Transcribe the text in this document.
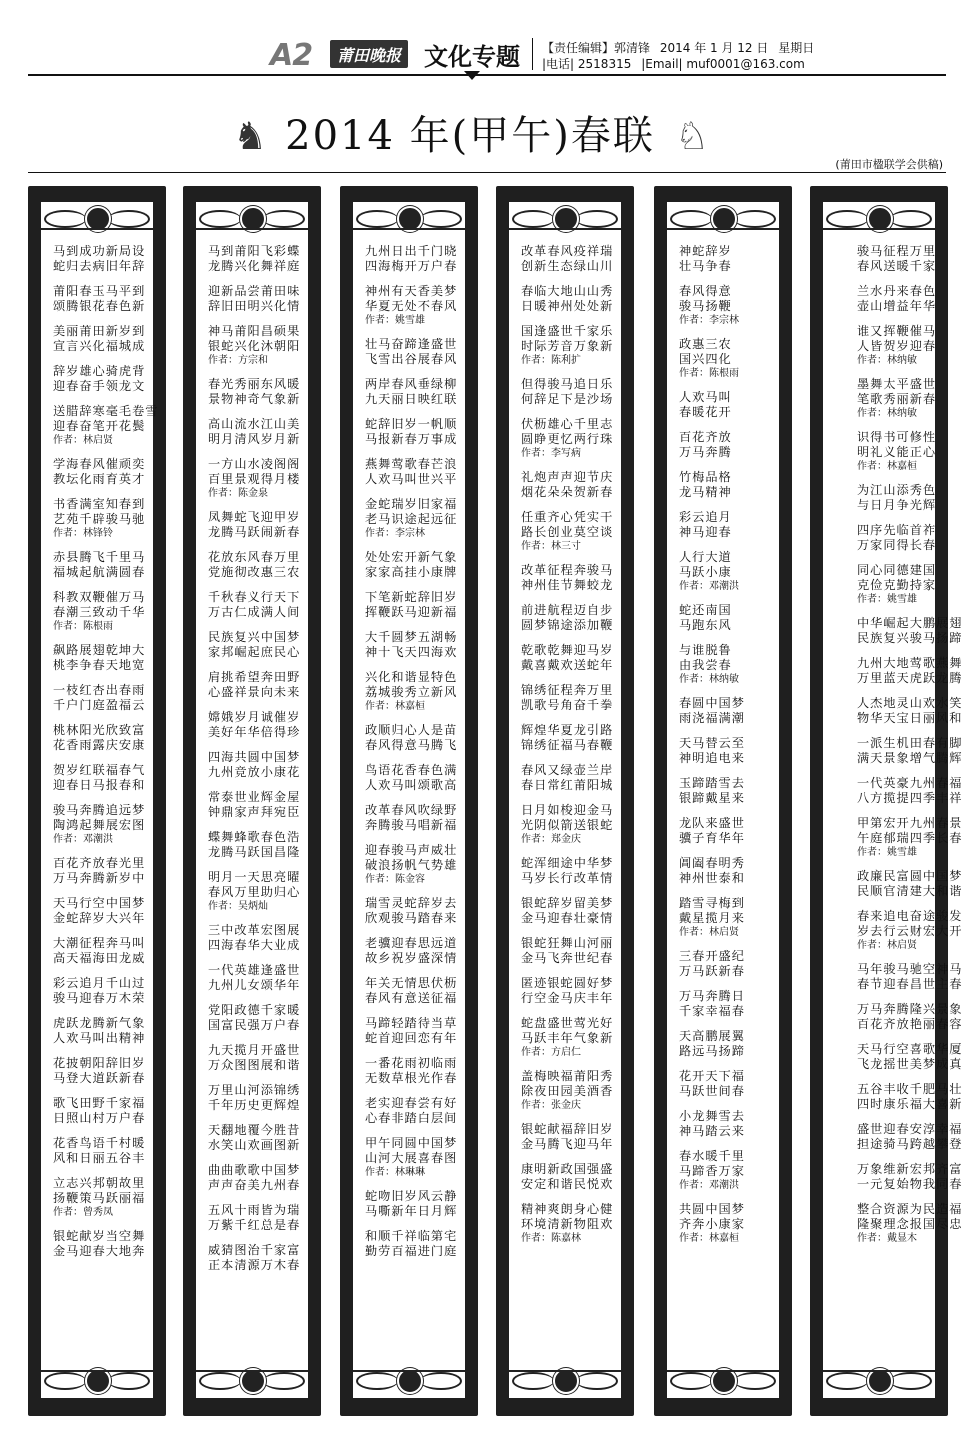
A2	莆田晚报 文化专题	【责任编辑】郭清锋 2014 年 1 月 12 日 星期日
|电话| 2518315 |Email| muf0001@163.com
♞ 2014 年(甲午)春联 ♘
(莆田市楹联学会供稿)
马到成功新局设
蛇归去病旧年辞
莆阳春玉马平到
颂腾银花春色新
美丽莆田新岁到
宣言兴化福城成
辞岁雄心骑虎背
迎春奋手领龙文
送腊辞寒毫毛卷雪
迎春奋笔开花鬓
作者：林启贤
学海春风催顽奕
教坛化雨育英才
书香满室知春到
艺苑千辟骏马驰
作者：林锋铃
赤县腾飞千里马
福城起航满圆春
科教双鞭催万马
春潮三致动千华
作者：陈根雨
飙路展翅乾坤大
桃李争春天地宽
一枝红杏出春雨
千户门庭盈福云
桃林阳光欣致富
花香雨露庆安康
贺岁红联福春气
迎春日马报春和
骏马奔腾追远梦
陶鸿起舞展宏图
作者：邓潮洪
百花齐放春光里
万马奔腾新岁中
天马行空中国梦
金蛇辞岁大兴年
大潮征程奔马叫
高天福海田龙威
彩云追月千山过
骏马迎春万木荣
虎跃龙腾新气象
人欢马叫出精神
花披朝阳辞旧岁
马登大道跃新春
歌飞田野千家福
日照山村万户春
花香鸟语千村暖
风和日丽五谷丰
立志兴邦朝故里
扬鞭策马跃丽福
作者：曾秀凤
银蛇献岁当空舞
金马迎春大地奔
马到莆阳飞彩蝶
龙腾兴化舞祥庭
迎新品尝莆田味
辞旧田明兴化情
神马莆阳昌硕果
银蛇兴化沐朝阳
作者：方宗和
春光秀丽东风暖
景物神奇气象新
高山流水江山美
明月清风岁月新
一方山水凌阁阁
百里景观得月楼
作者：陈金泉
凤舞蛇飞迎甲岁
龙腾马跃闹新春
花放东风春万里
党施彻改惠三农
千秋春义行天下
万古仁成满人间
民族复兴中国梦
家邦崛起庶民心
肩挑希望奔田野
心盛祥景向未来
嫦娥岁月诚催岁
美好年华倍得珍
四海共圆中国梦
九州竞放小康花
常泰世业辉金屋
钟鼎家声拜宛臣
蝶舞蜂歌春色浩
龙腾马跃国昌隆
明月一天思亮曜
春风万里助归心
作者：吴炳灿
三中改革宏图展
四海春华大业成
一代英雄逢盛世
九州儿女颂华年
党阳政德千家暖
国富民强万户春
九天揽月开盛世
万众图图展和谐
万里山河添锦绣
千年历史更辉煌
天翻地覆今胜昔
水笑山欢画图新
曲曲歌歌中国梦
声声奋美九州春
五风十雨皆为瑞
万紫千红总是春
威猜图治千家富
正本清源万木春
九州日出千门晓
四海梅开万户春
神州有天香美梦
华夏无处不春风
作者：姚雪雄
壮马奋蹄逢盛世
飞雪出谷展春风
两岸春风垂绿柳
九天丽日映红联
蛇辞旧岁一帆顺
马报新春万事成
燕舞莺歌春芒浪
人欢马叫世兴平
金蛇瑞岁旧家福
老马识途起远征
作者：李宗林
处处宏开新气象
家家高挂小康牌
下笔新蛇辞旧岁
挥鞭跃马迎新福
大千圆梦五湖畅
神十飞天四海欢
兴化和谐显特色
荔城骏秀立新风
作者：林嘉桓
政顺归心人是苗
春风得意马腾飞
鸟语花香春色满
人欢马叫颂歌高
改革春风吹绿野
奔腾骏马唱新福
迎春骏马声威壮
破浪扬帆气势雄
作者：陈金容
瑞雪灵蛇辞岁去
欣观骏马踏春来
老骥迎春思远道
故乡祝岁盛深情
年关无情思伏枥
春风有意送征福
马蹄轻踏待当草
蛇首迎回恋有年
一番花雨初临雨
无数草根光作春
老实迎春尝有好
心春非踏白层间
甲午同圆中国梦
山河大展喜春图
作者：林琳琳
蛇吻旧岁风云静
马嘶新年日月辉
和顺千祥临第宅
勤劳百福进门庭
改革春风疫祥瑞
创新生态绿山川
春临大地山山秀
日暖神州处处新
国逢盛世千家乐
时际芳音万象新
作者：陈利扩
但得骏马追日乐
何辞足下是沙场
伏枥雄心千里志
圆睁更忆两行珠
作者：李写病
礼炮声声迎节庆
烟花朵朵贺新春
任重齐心凭实干
路长创业莫空谈
作者：林三寸
改革征程奔骏马
神州佳节舞蛟龙
前进航程迈自步
圆梦锦途添加鞭
乾歌乾舞迎马岁
戴喜戴欢送蛇年
锦绣征程奔万里
凯歌号角奋千拳
辉煌华夏龙引路
锦绣征福马春鞭
春风又绿壶兰岸
春日常红莆阳城
日月如梭迎金马
光阴似箭送银蛇
作者：郑金庆
蛇浑细途中华梦
马岁长行改革情
银蛇辞岁留美梦
金马迎春壮豪情
银蛇狂舞山河丽
金马飞奔世纪春
匿迹银蛇圆好梦
行空金马庆丰年
蛇盘盛世莺光好
马跃丰年气象新
作者：方启仁
盖梅映福莆阳秀
除夜田园美酒香
作者：张金庆
银蛇献福辞旧岁
金马腾飞迎马年
康明新政国强盛
安定和谐民悦欢
精神爽朗身心健
环境清新物阻欢
作者：陈嘉林
神蛇辞岁
壮马争春
春风得意
骏马扬鞭
作者：李宗林
政惠三农
国兴四化
作者：陈根雨
人欢马叫
春暖花开
百花齐放
万马奔腾
竹梅品格
龙马精神
彩云追月
神马迎春
人行大道
马跃小康
作者：邓潮洪
蛇还南国
马跑东风
与谁脱鲁
由我尝春
作者：林纳敏
春圆中国梦
雨浇福满潮
天马替云至
神明追电来
玉蹄踏雪去
银蹄戴星来
龙队来盛世
骥子育华年
阊阖春明秀
神州世泰和
踏雪寻梅到
戴星揽月来
作者：林启贤
三春开盛纪
万马跃新春
万马奔腾日
千家幸福春
天高鹏展翼
路远马扬蹄
花开天下福
马跃世间春
小龙舞雪去
神马踏云来
春水暖千里
马蹄香万家
作者：邓潮洪
共圆中国梦
齐奔小康家
作者：林嘉桓
骏马征程万里
春风送暖千家
兰水丹来春色
壶山增益年华
谁又挥鞭催马
人皆贺岁迎春
作者：林纳敏
墨舞太平盛世
笔歌秀丽新春
作者：林纳敏
识得书可修性
明礼义能正心
作者：林嘉桓
为江山添秀色
与日月争光辉
四序先临首祚
万家同得长春
同心同德建国
克俭克勤持家
作者：姚雪雄
中华崛起大鹏展翅
民族复兴骏马扬蹄
九州大地莺歌燕舞
万里蓝天虎跃龙腾
人杰地灵山欢水笑
物华天宝日丽风和
一派生机田春有脚
满天景象增气腾辉
一代英豪九州春福
八方揽提四季丰祥
甲第宏开九州春景
午庭郁瑞四季长春
作者：姚雪雄
政廉民富圆中国梦
民顺官清建大和谐
春来追电奋途骏发
岁去行云财宏大开
作者：林启贤
马年骏马驰空神马
春节迎春昌世主春
万马奔腾隆兴景象
百花齐放艳丽春容
天马行空喜歌华厦
飞龙摇世美梦成真
五谷丰收千肥马壮
四时康乐福大喜新
盛世迎春安淳幸福
担途骑马跨越攀登
万象维新宏邦齐富
一元复始物我同春
整合资源为民造福
隆聚理念报国尽忠
作者：戴显木
